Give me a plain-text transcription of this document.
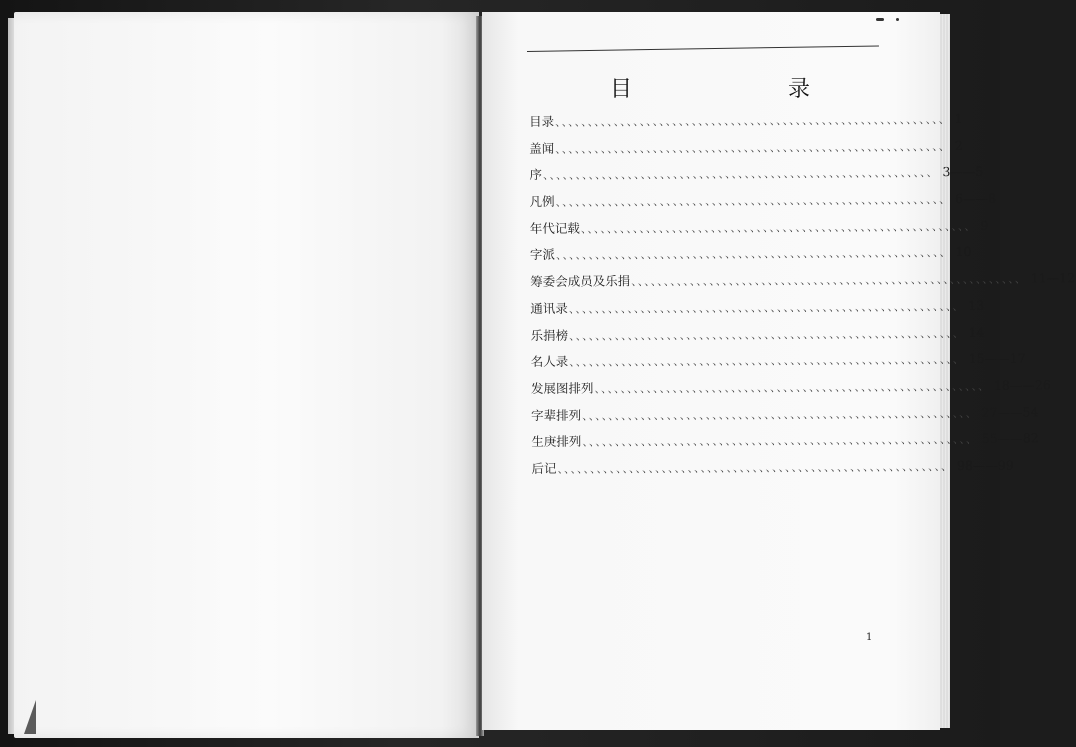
目	录
目录 、、、、、、、、、、、、、、、、、、、、、、、、、、、、、、、、、、、、、、、、、、、、、、、、、、、、、、、、、、、、 1
盖闻 、、、、、、、、、、、、、、、、、、、、、、、、、、、、、、、、、、、、、、、、、、、、、、、、、、、、、、、、、、、、 2
序 、、、、、、、、、、、、、、、、、、、、、、、、、、、、、、、、、、、、、、、、、、、、、、、、、、、、、、、、、、、、 3——5
凡例 、、、、、、、、、、、、、、、、、、、、、、、、、、、、、、、、、、、、、、、、、、、、、、、、、、、、、、、、、、、、 6——8
年代记载 、、、、、、、、、、、、、、、、、、、、、、、、、、、、、、、、、、、、、、、、、、、、、、、、、、、、、、、、、、、、 9
字派 、、、、、、、、、、、、、、、、、、、、、、、、、、、、、、、、、、、、、、、、、、、、、、、、、、、、、、、、、、、、 10
筹委会成员及乐捐 、、、、、、、、、、、、、、、、、、、、、、、、、、、、、、、、、、、、、、、、、、、、、、、、、、、、、、、、、、、、 11—12
通讯录 、、、、、、、、、、、、、、、、、、、、、、、、、、、、、、、、、、、、、、、、、、、、、、、、、、、、、、、、、、、、 13
乐捐榜 、、、、、、、、、、、、、、、、、、、、、、、、、、、、、、、、、、、、、、、、、、、、、、、、、、、、、、、、、、、、 14
名人录 、、、、、、、、、、、、、、、、、、、、、、、、、、、、、、、、、、、、、、、、、、、、、、、、、、、、、、、、、、、、 15——17
发展图排列 、、、、、、、、、、、、、、、、、、、、、、、、、、、、、、、、、、、、、、、、、、、、、、、、、、、、、、、、、、、、 18——26
字辈排列 、、、、、、、、、、、、、、、、、、、、、、、、、、、、、、、、、、、、、、、、、、、、、、、、、、、、、、、、、、、、 27——54
生庚排列 、、、、、、、、、、、、、、、、、、、、、、、、、、、、、、、、、、、、、、、、、、、、、、、、、、、、、、、、、、、、 55——82
后记 、、、、、、、、、、、、、、、、、、、、、、、、、、、、、、、、、、、、、、、、、、、、、、、、、、、、、、、、、、、、 98——99
1
